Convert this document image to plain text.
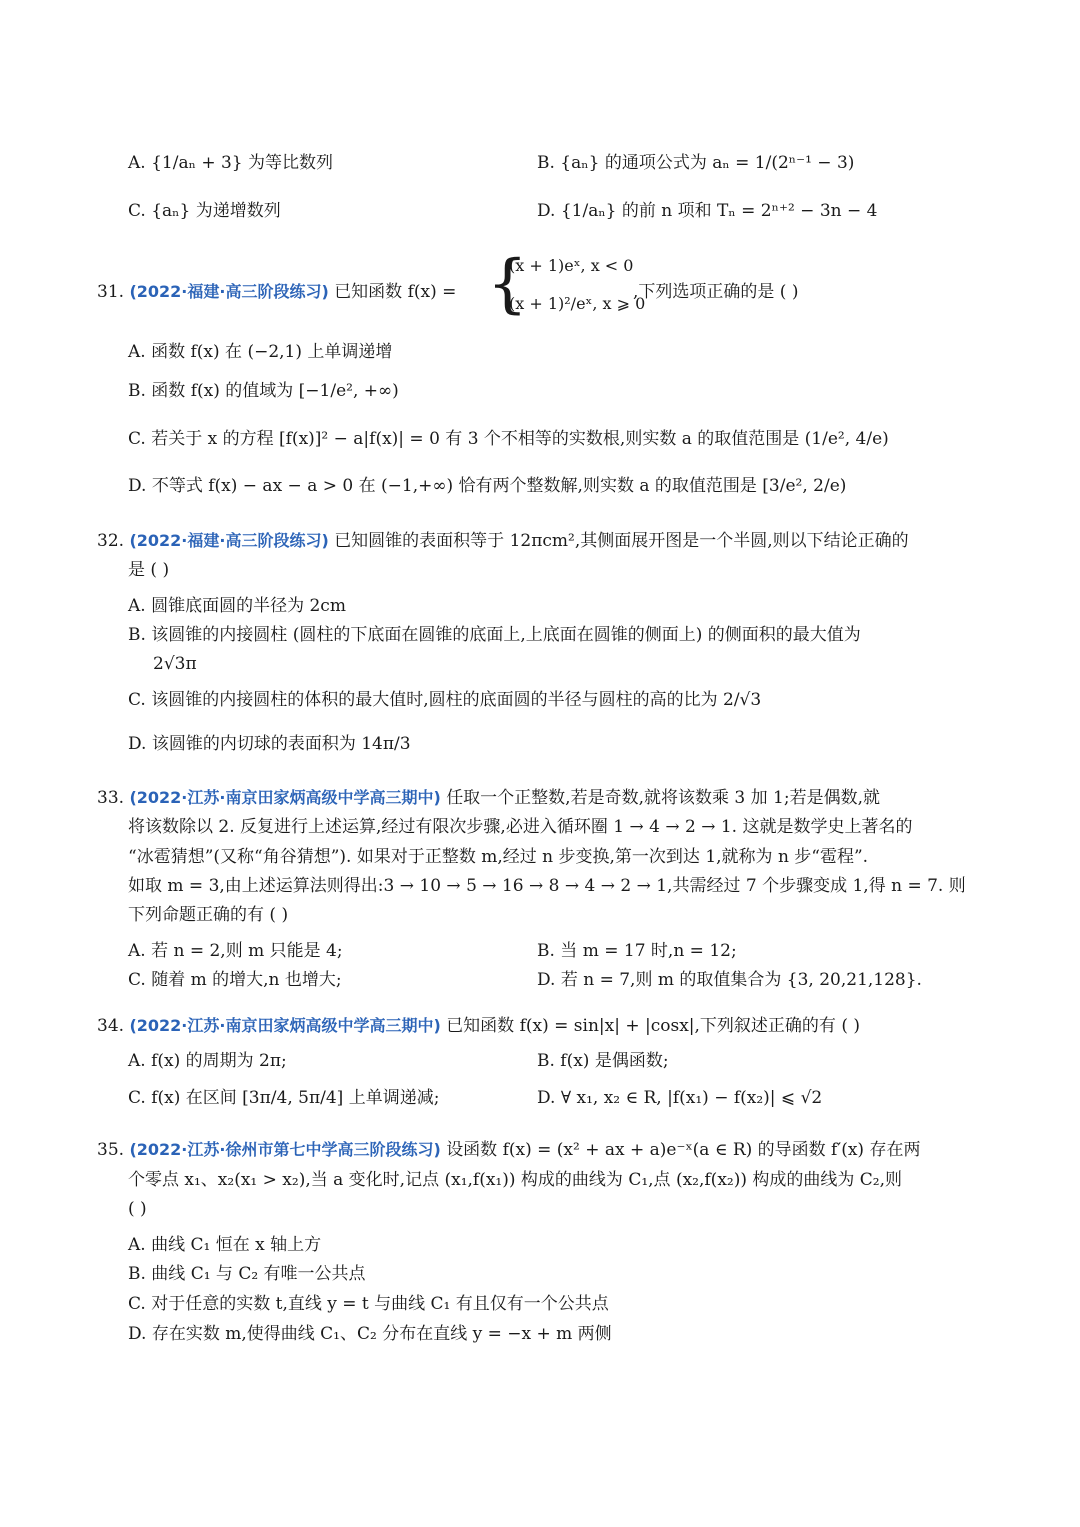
A. {1/aₙ + 3} 为等比数列	B. {aₙ} 的通项公式为 aₙ = 1/(2ⁿ⁻¹ − 3)
C. {aₙ} 为递增数列	D. {1/aₙ} 的前 n 项和 Tₙ = 2ⁿ⁺² − 3n − 4
31. (2022·福建·高三阶段练习) 已知函数 f(x) = {
(x + 1)eˣ, x < 0
(x + 1)²/eˣ, x ⩾ 0
,下列选项正确的是 ( )
A. 函数 f(x) 在 (−2,1) 上单调递增
B. 函数 f(x) 的值域为 [−1/e², +∞)
C. 若关于 x 的方程 [f(x)]² − a|f(x)| = 0 有 3 个不相等的实数根,则实数 a 的取值范围是 (1/e², 4/e)
D. 不等式 f(x) − ax − a > 0 在 (−1,+∞) 恰有两个整数解,则实数 a 的取值范围是 [3/e², 2/e)
32. (2022·福建·高三阶段练习) 已知圆锥的表面积等于 12πcm²,其侧面展开图是一个半圆,则以下结论正确的
是 ( )
A. 圆锥底面圆的半径为 2cm
B. 该圆锥的内接圆柱 (圆柱的下底面在圆锥的底面上,上底面在圆锥的侧面上) 的侧面积的最大值为
2√3π
C. 该圆锥的内接圆柱的体积的最大值时,圆柱的底面圆的半径与圆柱的高的比为 2/√3
D. 该圆锥的内切球的表面积为 14π/3
33. (2022·江苏·南京田家炳高级中学高三期中) 任取一个正整数,若是奇数,就将该数乘 3 加 1;若是偶数,就
将该数除以 2. 反复进行上述运算,经过有限次步骤,必进入循环圈 1 → 4 → 2 → 1. 这就是数学史上著名的
“冰雹猜想”(又称“角谷猜想”). 如果对于正整数 m,经过 n 步变换,第一次到达 1,就称为 n 步“雹程”.
如取 m = 3,由上述运算法则得出:3 → 10 → 5 → 16 → 8 → 4 → 2 → 1,共需经过 7 个步骤变成 1,得 n = 7. 则
下列命题正确的有 ( )
A. 若 n = 2,则 m 只能是 4;	B. 当 m = 17 时,n = 12;
C. 随着 m 的增大,n 也增大;	D. 若 n = 7,则 m 的取值集合为 {3, 20,21,128}.
34. (2022·江苏·南京田家炳高级中学高三期中) 已知函数 f(x) = sin|x| + |cosx|,下列叙述正确的有 ( )
A. f(x) 的周期为 2π;	B. f(x) 是偶函数;
C. f(x) 在区间 [3π/4, 5π/4] 上单调递减;	D. ∀ x₁, x₂ ∈ R, |f(x₁) − f(x₂)| ⩽ √2
35. (2022·江苏·徐州市第七中学高三阶段练习) 设函数 f(x) = (x² + ax + a)e⁻ˣ(a ∈ R) 的导函数 f′(x) 存在两
个零点 x₁、x₂(x₁ > x₂),当 a 变化时,记点 (x₁,f(x₁)) 构成的曲线为 C₁,点 (x₂,f(x₂)) 构成的曲线为 C₂,则
( )
A. 曲线 C₁ 恒在 x 轴上方
B. 曲线 C₁ 与 C₂ 有唯一公共点
C. 对于任意的实数 t,直线 y = t 与曲线 C₁ 有且仅有一个公共点
D. 存在实数 m,使得曲线 C₁、C₂ 分布在直线 y = −x + m 两侧
